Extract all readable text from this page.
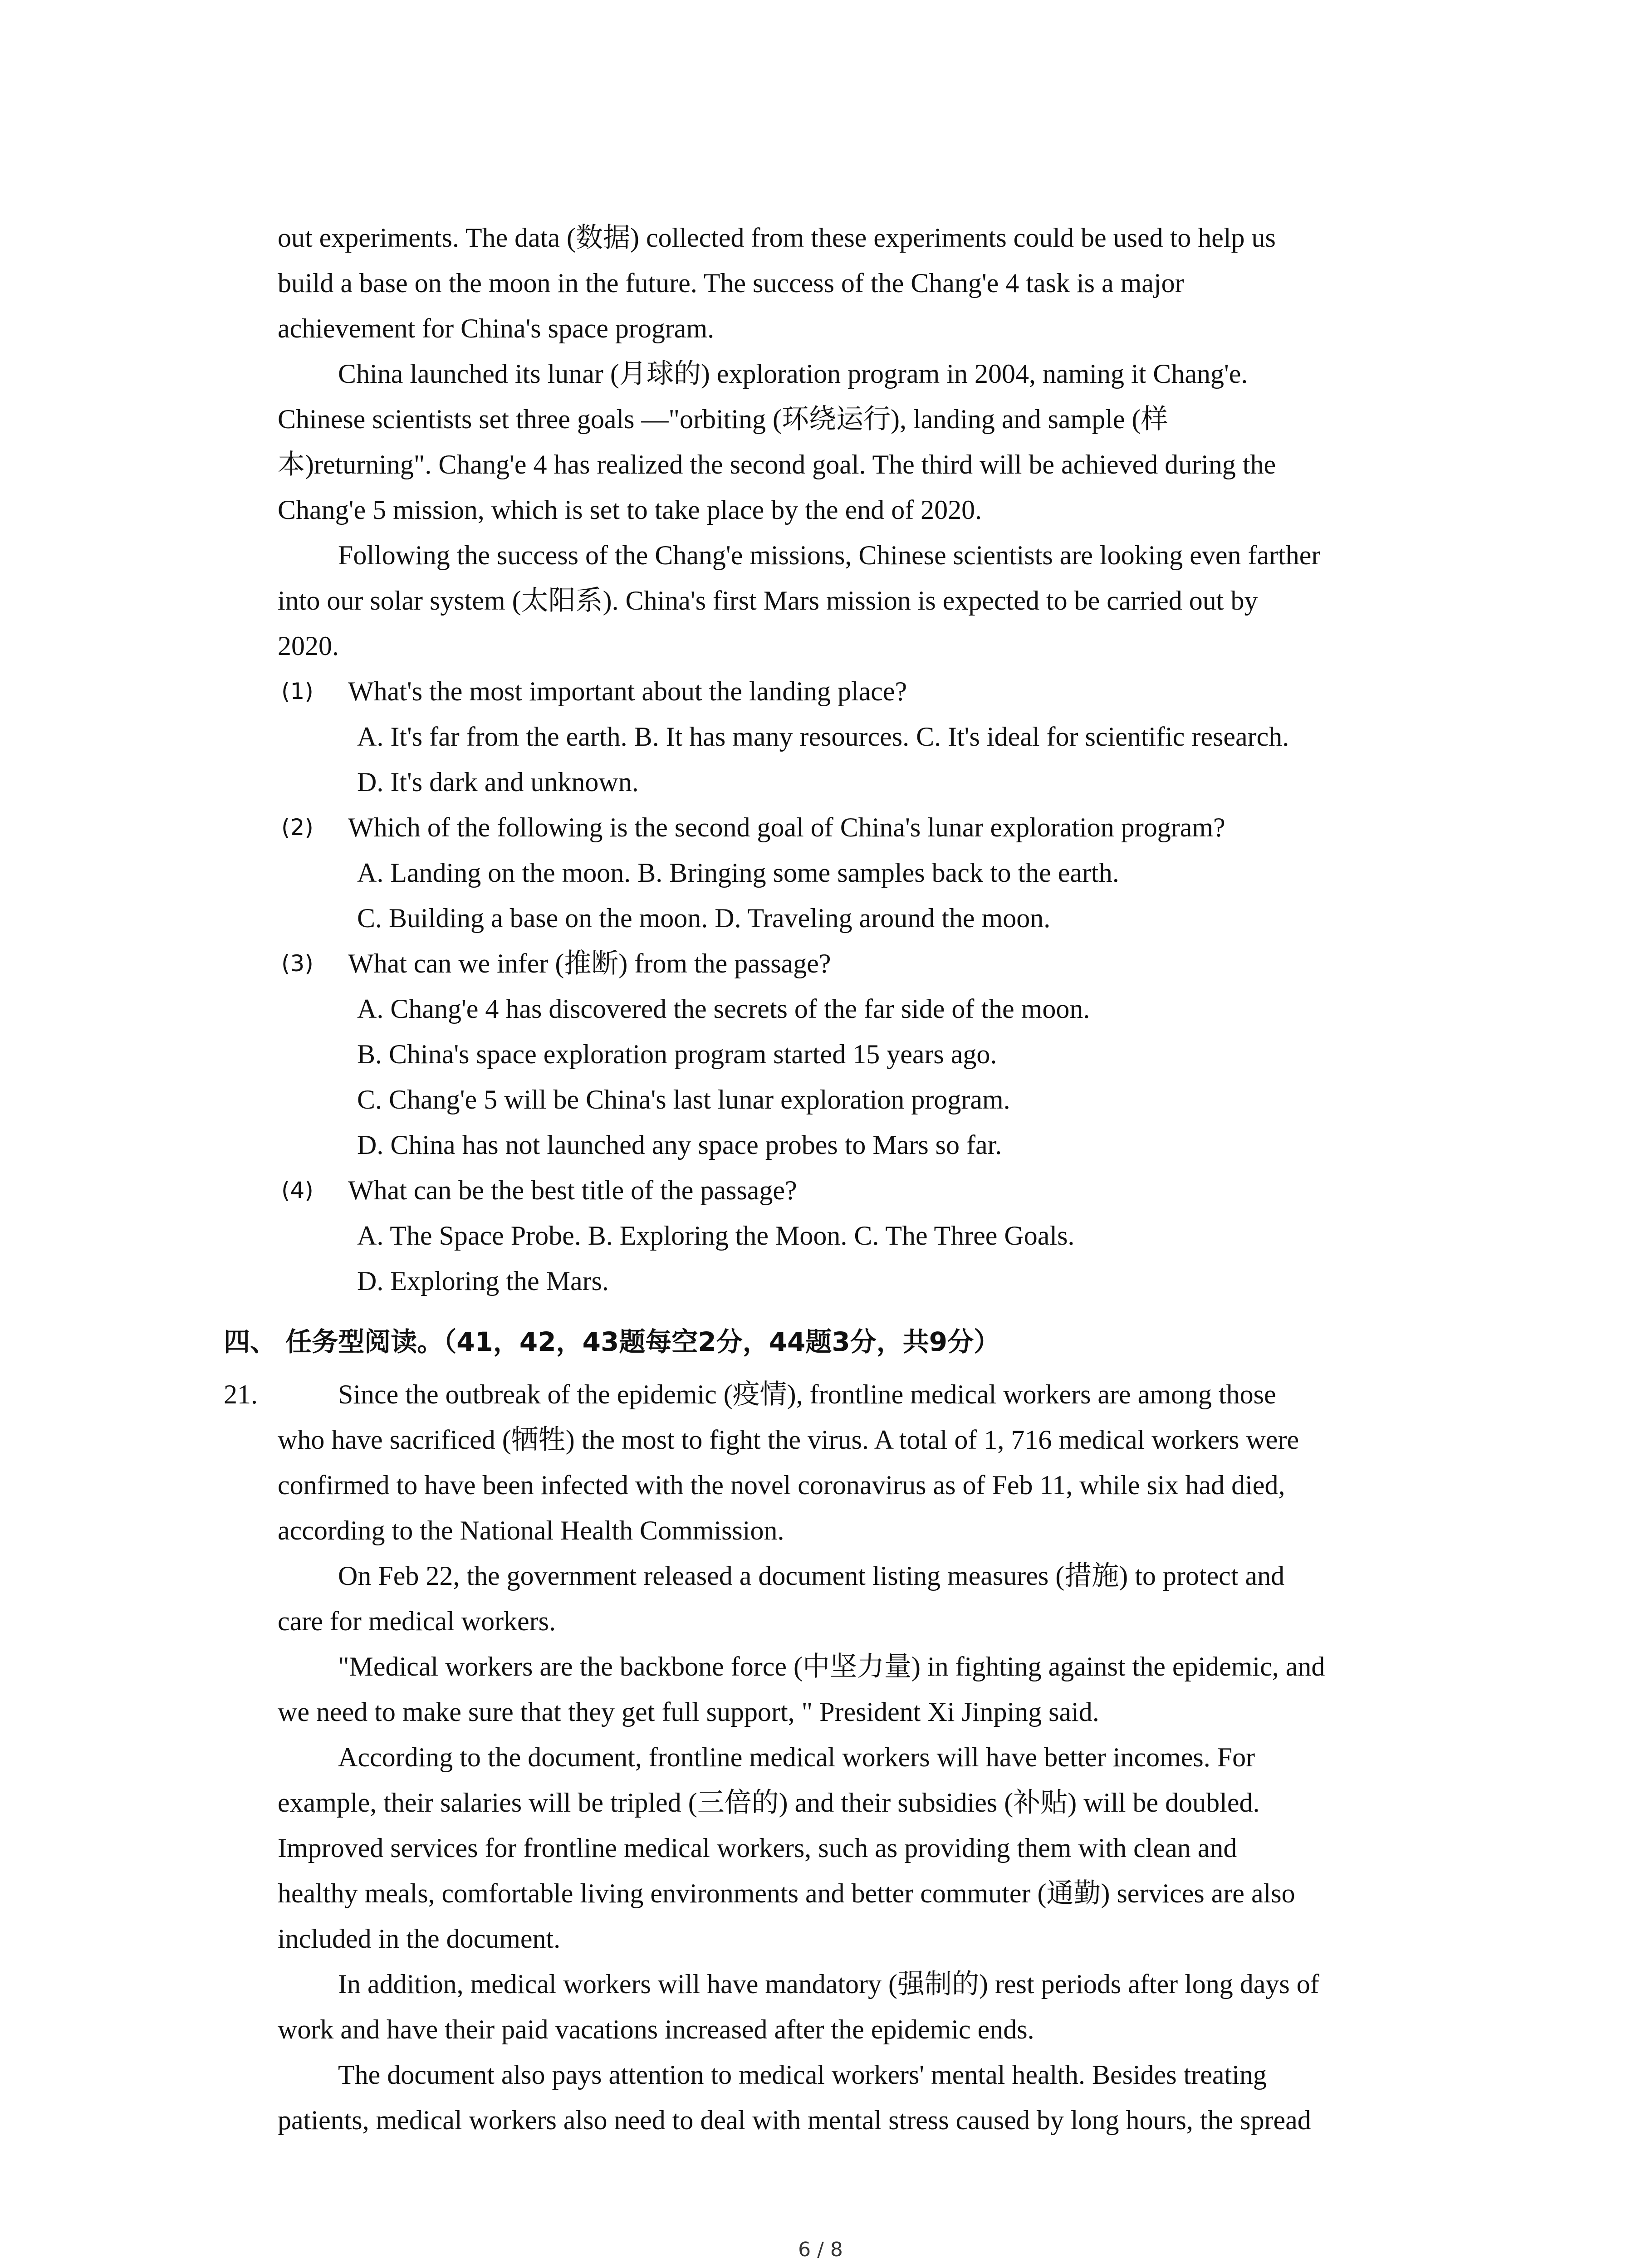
out experiments. The data (数据) collected from these experiments could be used to help us
build a base on the moon in the future. The success of the Chang'e 4 task is a major
achievement for China's space program.
China launched its lunar (月球的) exploration program in 2004, naming it Chang'e.
Chinese scientists set three goals —"orbiting (环绕运行), landing and sample (样
本)returning". Chang'e 4 has realized the second goal. The third will be achieved during the
Chang'e 5 mission, which is set to take place by the end of 2020.
Following the success of the Chang'e missions, Chinese scientists are looking even farther
into our solar system (太阳系). China's first Mars mission is expected to be carried out by
2020.
(1) What's the most important about the landing place?
A. It's far from the earth. B. It has many resources. C. It's ideal for scientific research.
D. It's dark and unknown.
(2) Which of the following is the second goal of China's lunar exploration program?
A. Landing on the moon. B. Bringing some samples back to the earth.
C. Building a base on the moon. D. Traveling around the moon.
(3) What can we infer (推断) from the passage?
A. Chang'e 4 has discovered the secrets of the far side of the moon.
B. China's space exploration program started 15 years ago.
C. Chang'e 5 will be China's last lunar exploration program.
D. China has not launched any space probes to Mars so far.
(4) What can be the best title of the passage?
A. The Space Probe. B. Exploring the Moon. C. The Three Goals.
D. Exploring the Mars.
四、 任务型阅读。（41，42，43题每空2分，44题3分，共9分）
21.	Since the outbreak of the epidemic (疫情), frontline medical workers are among those
who have sacrificed (牺牲) the most to fight the virus. A total of 1, 716 medical workers were
confirmed to have been infected with the novel coronavirus as of Feb 11, while six had died,
according to the National Health Commission.
On Feb 22, the government released a document listing measures (措施) to protect and
care for medical workers.
"Medical workers are the backbone force (中坚力量) in fighting against the epidemic, and
we need to make sure that they get full support, " President Xi Jinping said.
According to the document, frontline medical workers will have better incomes. For
example, their salaries will be tripled (三倍的) and their subsidies (补贴) will be doubled.
Improved services for frontline medical workers, such as providing them with clean and
healthy meals, comfortable living environments and better commuter (通勤) services are also
included in the document.
In addition, medical workers will have mandatory (强制的) rest periods after long days of
work and have their paid vacations increased after the epidemic ends.
The document also pays attention to medical workers' mental health. Besides treating
patients, medical workers also need to deal with mental stress caused by long hours, the spread
6 / 8
